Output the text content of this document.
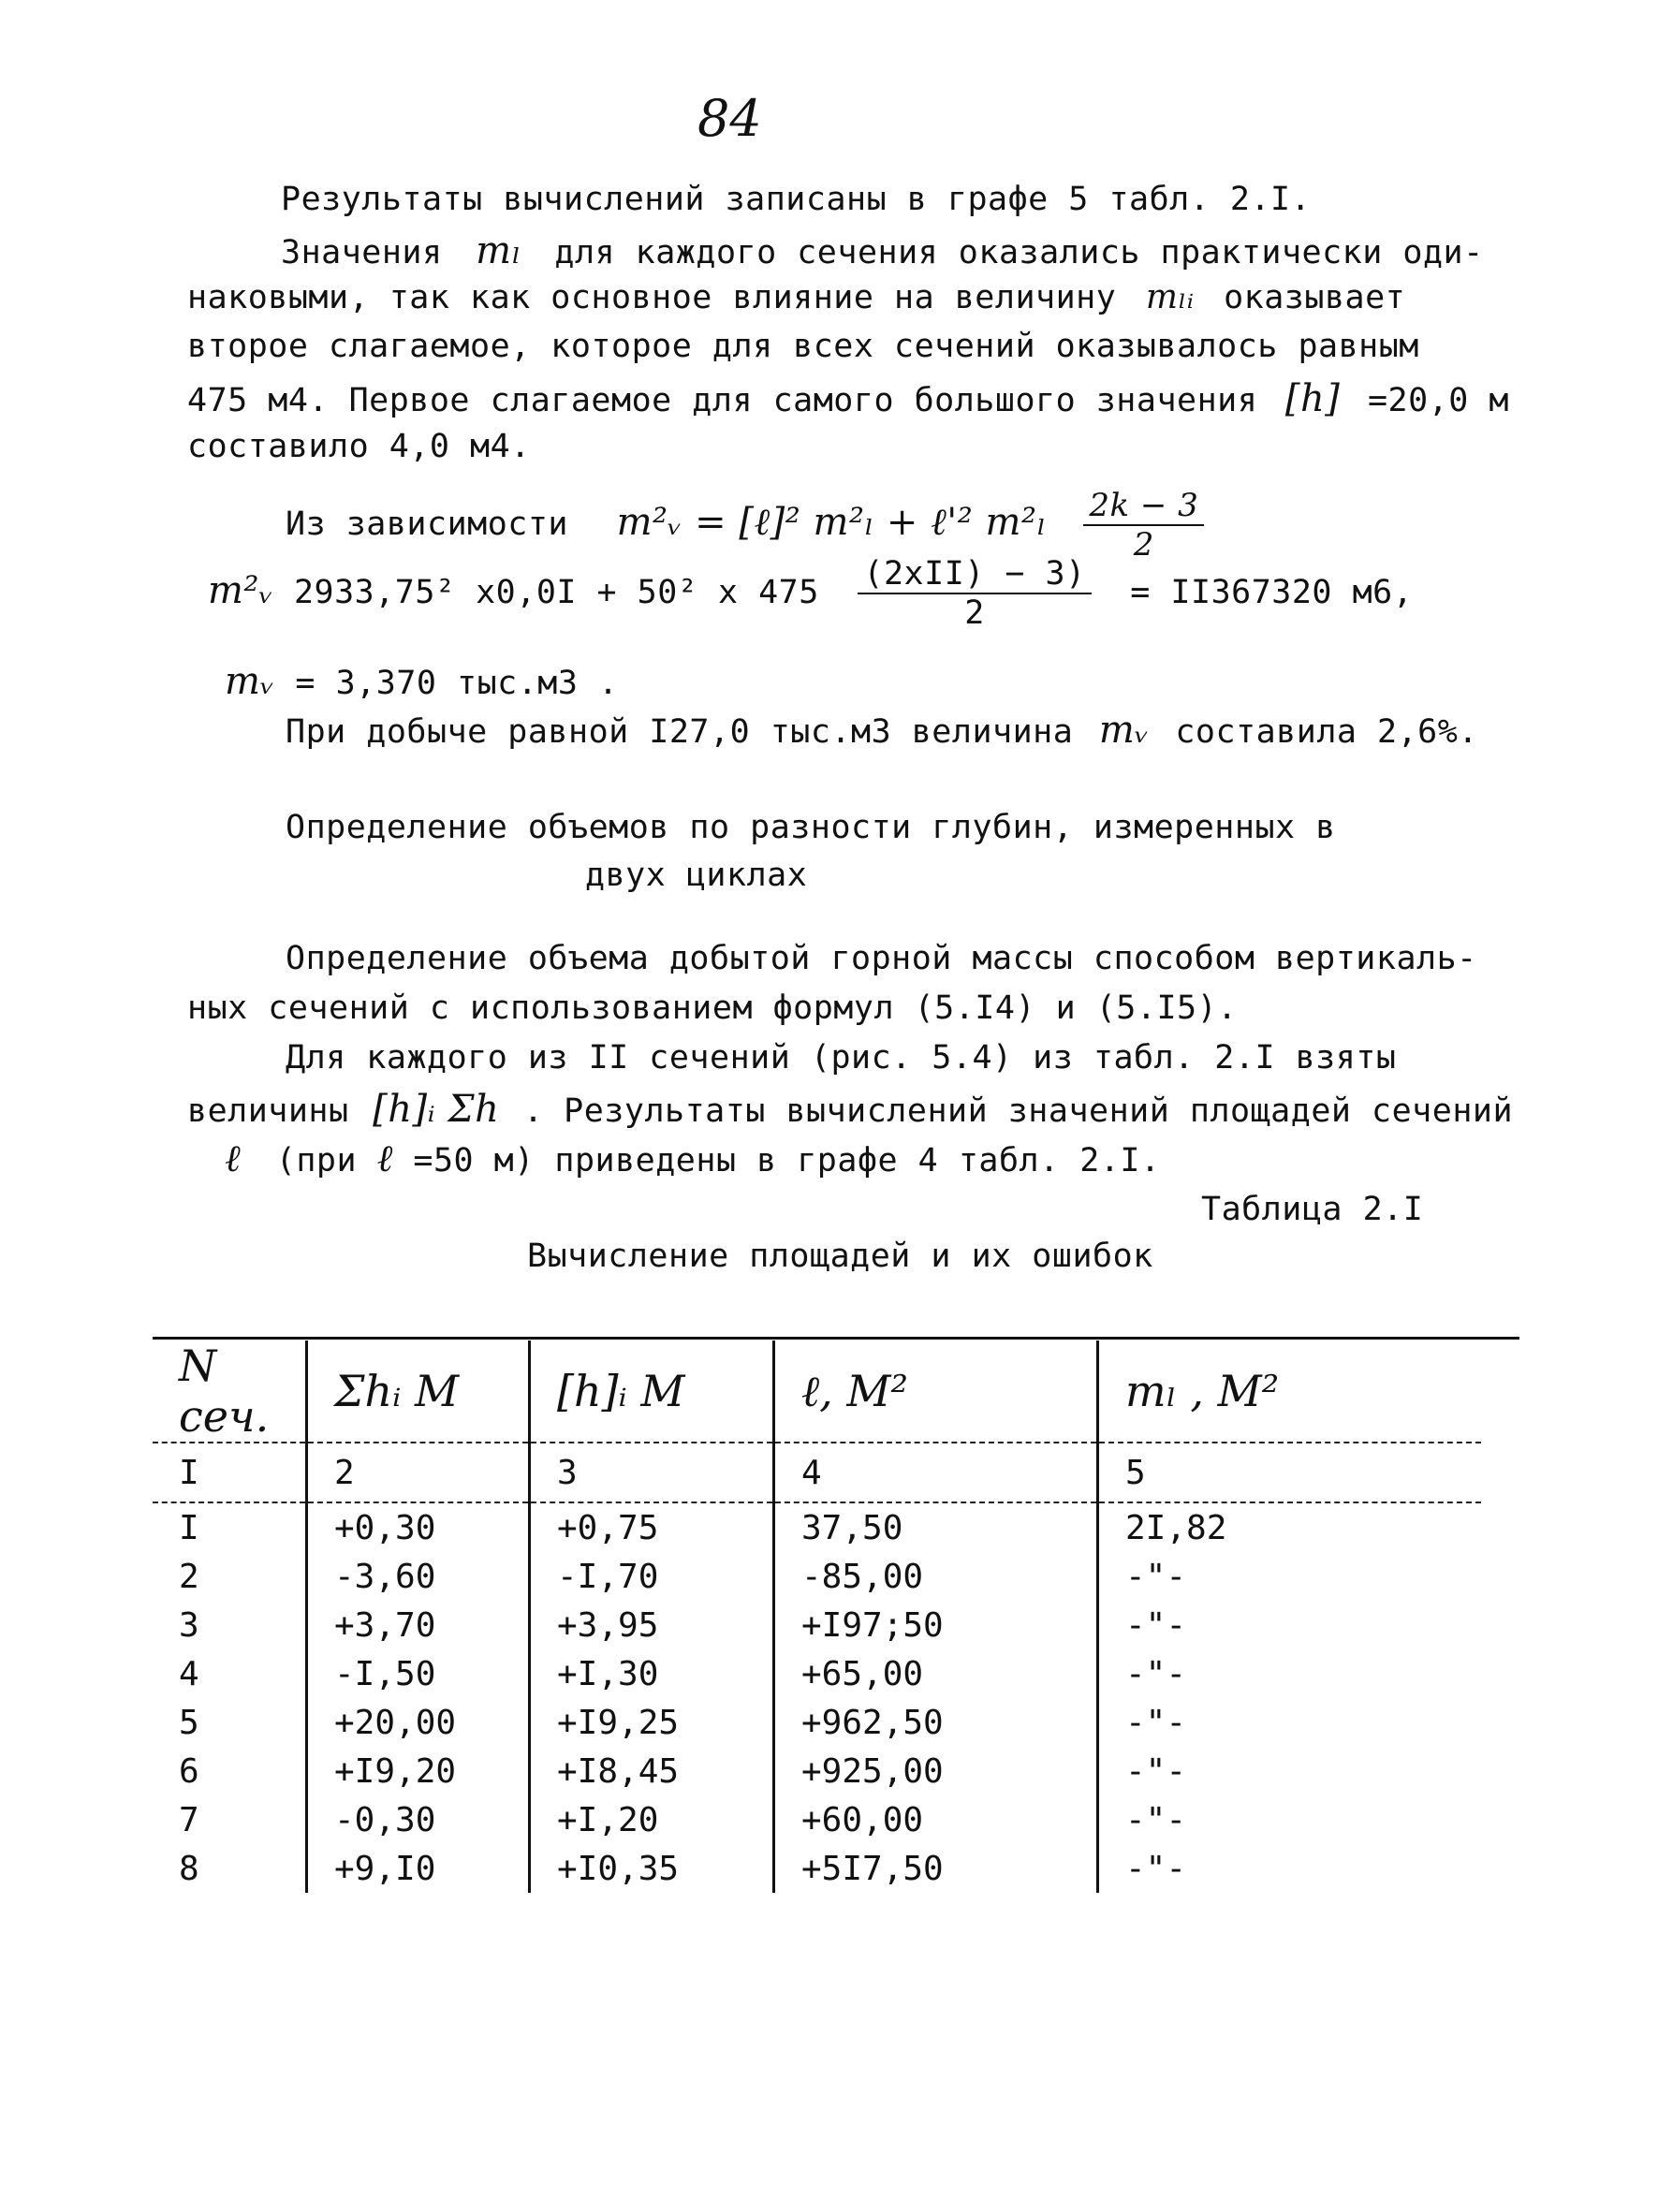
84
Результаты вычислений записаны в графе 5 табл. 2.I.
Значения mₗ для каждого сечения оказались практически оди-
наковыми, так как основное влияние на величину mₗᵢ оказывает
второе слагаемое, которое для всех сечений оказывалось равным
475 м4. Первое слагаемое для самого большого значения [h] =20,0 м
составило 4,0 м4.
Из зависимости m²ᵥ = [ℓ]² m²ₗ + ℓ'² $m^2_l \frac{2k - 3}{2}$
m²ᵥ 2933,75² x0,0I + 50² x $475 \frac{\text{(2xII) − 3)}}{2} = II367320$ м6,
mᵥ = 3,370 тыс.м3 .
При добыче равной I27,0 тыс.м3 величина mᵥ составила 2,6%.
Определение объемов по разности глубин, измеренных в
двух циклах
Определение объема добытой горной массы способом вертикаль-
ных сечений с использованием формул (5.I4) и (5.I5).
Для каждого из II сечений (рис. 5.4) из табл. 2.I взяты
величины [h]ᵢ Σh . Результаты вычислений значений площадей сечений
ℓ (при ℓ =50 м) приведены в графе 4 табл. 2.I.
Таблица 2.I
Вычисление площадей и их ошибок
N сеч.	Σhᵢ M	[h]ᵢ M	ℓ, M²	mₗ , M²
I	2	3	4	5
I	+0,30	+0,75	37,50	2I,82
2	-3,60	-I,70	-85,00	-"-
3	+3,70	+3,95	+I97;50	-"-
4	-I,50	+I,30	+65,00	-"-
5	+20,00	+I9,25	+962,50	-"-
6	+I9,20	+I8,45	+925,00	-"-
7	-0,30	+I,20	+60,00	-"-
8	+9,I0	+I0,35	+5I7,50	-"-
